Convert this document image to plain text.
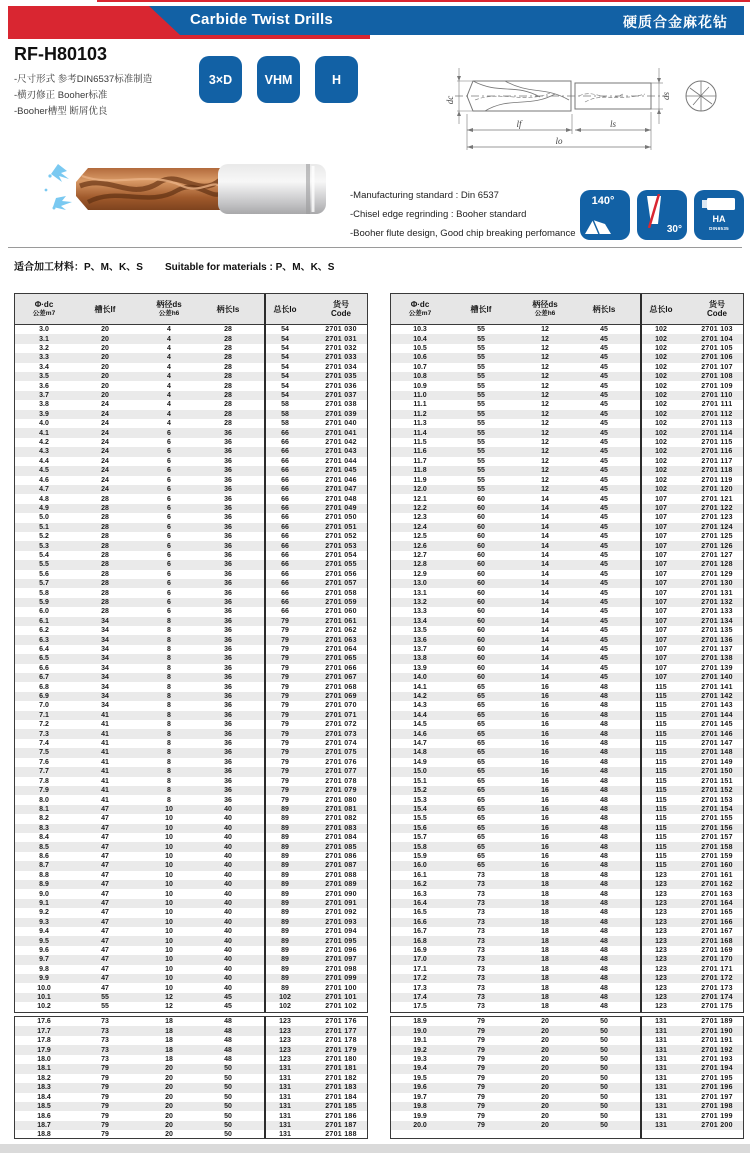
Carbide Twist Drills	硬质合金麻花钻
RF-H80103
-尺寸形式 参考DIN6537标准制造
-横刃修正 Booher标准
-Booher槽型 断屑优良
3×D	VHM	H
dc	ds
lf	ls
lo
-Manufacturing standard : Din 6537
-Chisel edge regrinding : Booher standard
-Booher flute design, Good chip breaking perfomance
140°
30°
HA
DIN6535
适合加工材料：P、M、K、S Suitable for materials : P、M、K、S
Φ·dc
公差m7	槽长lf	柄径ds
公差h6	柄长ls	总长lo	货号
Code
3.0	20	4	28	54	2701 030
3.1	20	4	28	54	2701 031
3.2	20	4	28	54	2701 032
3.3	20	4	28	54	2701 033
3.4	20	4	28	54	2701 034
3.5	20	4	28	54	2701 035
3.6	20	4	28	54	2701 036
3.7	20	4	28	54	2701 037
3.8	24	4	28	58	2701 038
3.9	24	4	28	58	2701 039
4.0	24	4	28	58	2701 040
4.1	24	6	36	66	2701 041
4.2	24	6	36	66	2701 042
4.3	24	6	36	66	2701 043
4.4	24	6	36	66	2701 044
4.5	24	6	36	66	2701 045
4.6	24	6	36	66	2701 046
4.7	24	6	36	66	2701 047
4.8	28	6	36	66	2701 048
4.9	28	6	36	66	2701 049
5.0	28	6	36	66	2701 050
5.1	28	6	36	66	2701 051
5.2	28	6	36	66	2701 052
5.3	28	6	36	66	2701 053
5.4	28	6	36	66	2701 054
5.5	28	6	36	66	2701 055
5.6	28	6	36	66	2701 056
5.7	28	6	36	66	2701 057
5.8	28	6	36	66	2701 058
5.9	28	6	36	66	2701 059
6.0	28	6	36	66	2701 060
6.1	34	8	36	79	2701 061
6.2	34	8	36	79	2701 062
6.3	34	8	36	79	2701 063
6.4	34	8	36	79	2701 064
6.5	34	8	36	79	2701 065
6.6	34	8	36	79	2701 066
6.7	34	8	36	79	2701 067
6.8	34	8	36	79	2701 068
6.9	34	8	36	79	2701 069
7.0	34	8	36	79	2701 070
7.1	41	8	36	79	2701 071
7.2	41	8	36	79	2701 072
7.3	41	8	36	79	2701 073
7.4	41	8	36	79	2701 074
7.5	41	8	36	79	2701 075
7.6	41	8	36	79	2701 076
7.7	41	8	36	79	2701 077
7.8	41	8	36	79	2701 078
7.9	41	8	36	79	2701 079
8.0	41	8	36	79	2701 080
8.1	47	10	40	89	2701 081
8.2	47	10	40	89	2701 082
8.3	47	10	40	89	2701 083
8.4	47	10	40	89	2701 084
8.5	47	10	40	89	2701 085
8.6	47	10	40	89	2701 086
8.7	47	10	40	89	2701 087
8.8	47	10	40	89	2701 088
8.9	47	10	40	89	2701 089
9.0	47	10	40	89	2701 090
9.1	47	10	40	89	2701 091
9.2	47	10	40	89	2701 092
9.3	47	10	40	89	2701 093
9.4	47	10	40	89	2701 094
9.5	47	10	40	89	2701 095
9.6	47	10	40	89	2701 096
9.7	47	10	40	89	2701 097
9.8	47	10	40	89	2701 098
9.9	47	10	40	89	2701 099
10.0	47	10	40	89	2701 100
10.1	55	12	45	102	2701 101
10.2	55	12	45	102	2701 102
Φ·dc
公差m7	槽长lf	柄径ds
公差h6	柄长ls	总长lo	货号
Code
10.3	55	12	45	102	2701 103
10.4	55	12	45	102	2701 104
10.5	55	12	45	102	2701 105
10.6	55	12	45	102	2701 106
10.7	55	12	45	102	2701 107
10.8	55	12	45	102	2701 108
10.9	55	12	45	102	2701 109
11.0	55	12	45	102	2701 110
11.1	55	12	45	102	2701 111
11.2	55	12	45	102	2701 112
11.3	55	12	45	102	2701 113
11.4	55	12	45	102	2701 114
11.5	55	12	45	102	2701 115
11.6	55	12	45	102	2701 116
11.7	55	12	45	102	2701 117
11.8	55	12	45	102	2701 118
11.9	55	12	45	102	2701 119
12.0	55	12	45	102	2701 120
12.1	60	14	45	107	2701 121
12.2	60	14	45	107	2701 122
12.3	60	14	45	107	2701 123
12.4	60	14	45	107	2701 124
12.5	60	14	45	107	2701 125
12.6	60	14	45	107	2701 126
12.7	60	14	45	107	2701 127
12.8	60	14	45	107	2701 128
12.9	60	14	45	107	2701 129
13.0	60	14	45	107	2701 130
13.1	60	14	45	107	2701 131
13.2	60	14	45	107	2701 132
13.3	60	14	45	107	2701 133
13.4	60	14	45	107	2701 134
13.5	60	14	45	107	2701 135
13.6	60	14	45	107	2701 136
13.7	60	14	45	107	2701 137
13.8	60	14	45	107	2701 138
13.9	60	14	45	107	2701 139
14.0	60	14	45	107	2701 140
14.1	65	16	48	115	2701 141
14.2	65	16	48	115	2701 142
14.3	65	16	48	115	2701 143
14.4	65	16	48	115	2701 144
14.5	65	16	48	115	2701 145
14.6	65	16	48	115	2701 146
14.7	65	16	48	115	2701 147
14.8	65	16	48	115	2701 148
14.9	65	16	48	115	2701 149
15.0	65	16	48	115	2701 150
15.1	65	16	48	115	2701 151
15.2	65	16	48	115	2701 152
15.3	65	16	48	115	2701 153
15.4	65	16	48	115	2701 154
15.5	65	16	48	115	2701 155
15.6	65	16	48	115	2701 156
15.7	65	16	48	115	2701 157
15.8	65	16	48	115	2701 158
15.9	65	16	48	115	2701 159
16.0	65	16	48	115	2701 160
16.1	73	18	48	123	2701 161
16.2	73	18	48	123	2701 162
16.3	73	18	48	123	2701 163
16.4	73	18	48	123	2701 164
16.5	73	18	48	123	2701 165
16.6	73	18	48	123	2701 166
16.7	73	18	48	123	2701 167
16.8	73	18	48	123	2701 168
16.9	73	18	48	123	2701 169
17.0	73	18	48	123	2701 170
17.1	73	18	48	123	2701 171
17.2	73	18	48	123	2701 172
17.3	73	18	48	123	2701 173
17.4	73	18	48	123	2701 174
17.5	73	18	48	123	2701 175
17.6	73	18	48	123	2701 176
17.7	73	18	48	123	2701 177
17.8	73	18	48	123	2701 178
17.9	73	18	48	123	2701 179
18.0	73	18	48	123	2701 180
18.1	79	20	50	131	2701 181
18.2	79	20	50	131	2701 182
18.3	79	20	50	131	2701 183
18.4	79	20	50	131	2701 184
18.5	79	20	50	131	2701 185
18.6	79	20	50	131	2701 186
18.7	79	20	50	131	2701 187
18.8	79	20	50	131	2701 188
18.9	79	20	50	131	2701 189
19.0	79	20	50	131	2701 190
19.1	79	20	50	131	2701 191
19.2	79	20	50	131	2701 192
19.3	79	20	50	131	2701 193
19.4	79	20	50	131	2701 194
19.5	79	20	50	131	2701 195
19.6	79	20	50	131	2701 196
19.7	79	20	50	131	2701 197
19.8	79	20	50	131	2701 198
19.9	79	20	50	131	2701 199
20.0	79	20	50	131	2701 200
